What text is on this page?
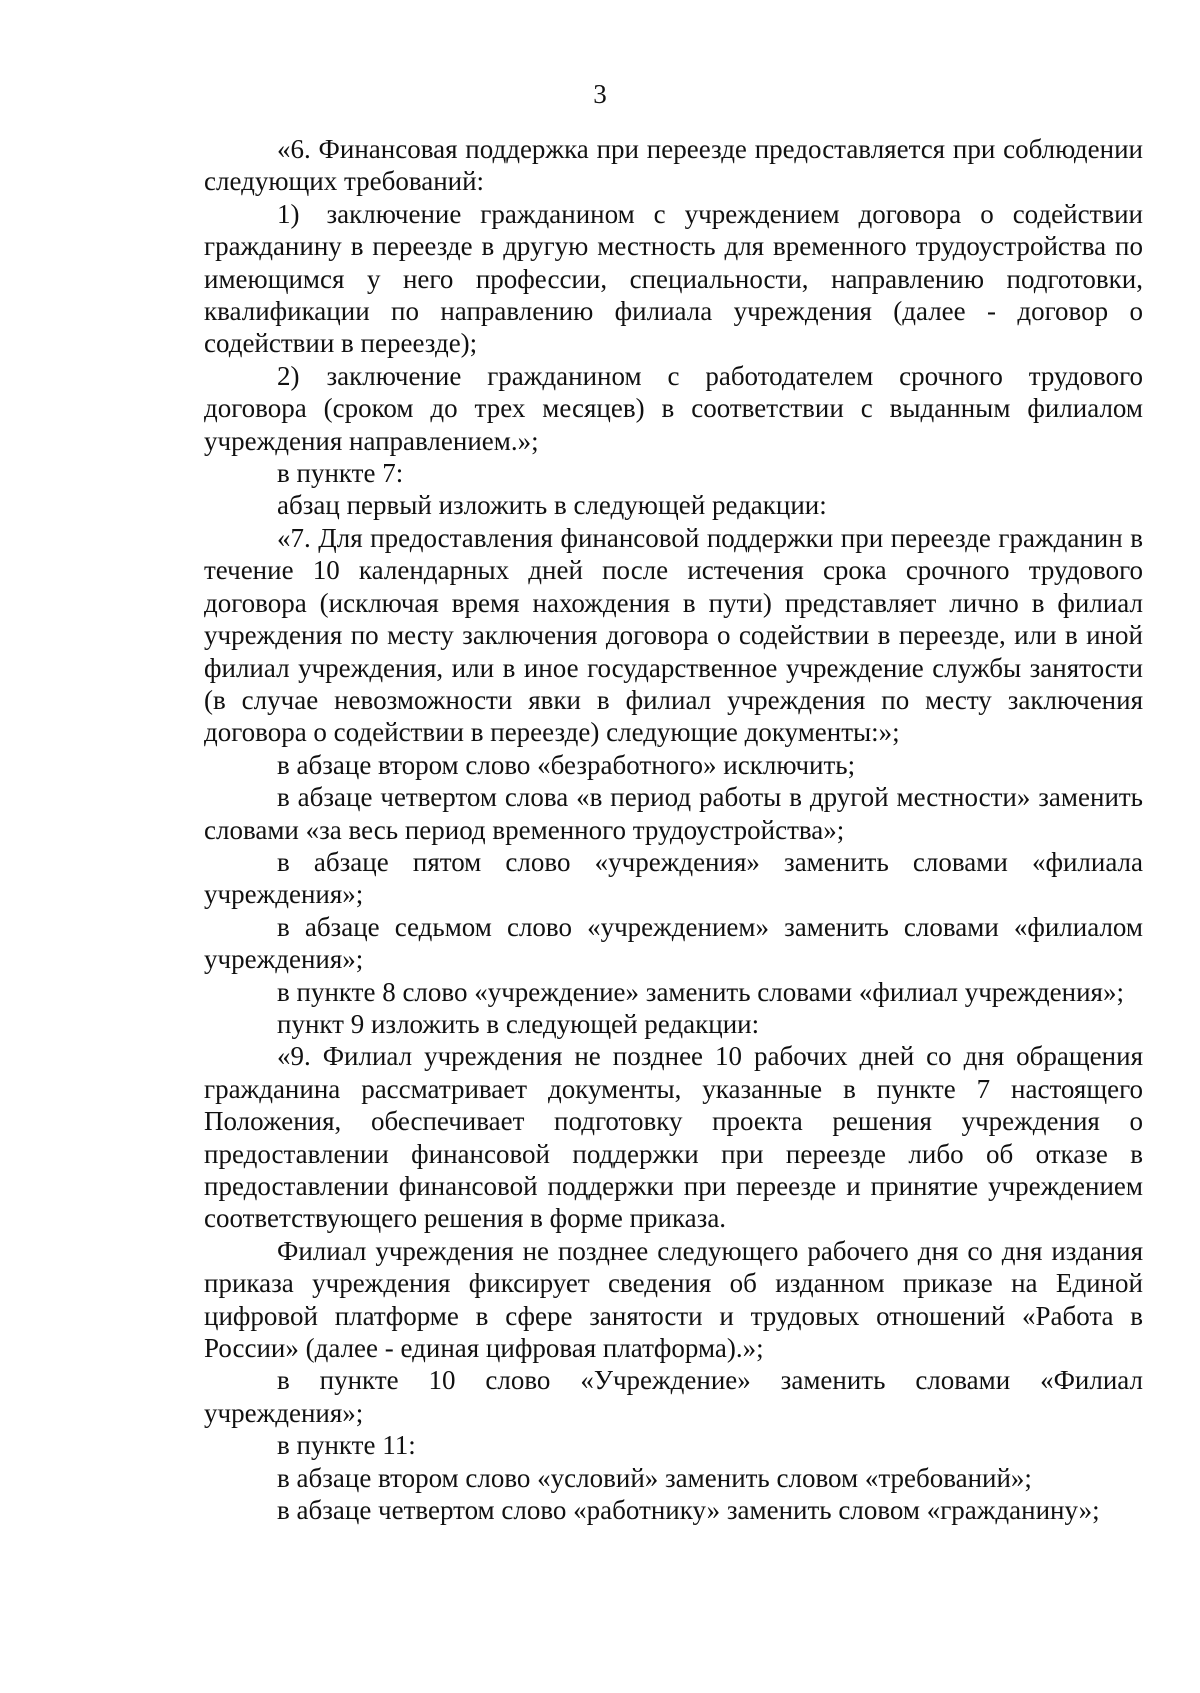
3

«6. Финансовая поддержка при переезде предоставляется при соблюдении следующих требований:

1) заключение гражданином с учреждением договора о содействии гражданину в переезде в другую местность для временного трудоустройства по имеющимся у него профессии, специальности, направлению подготовки, квалификации по направлению филиала учреждения (далее - договор о содействии в переезде);

2) заключение гражданином с работодателем срочного трудового договора (сроком до трех месяцев) в соответствии с выданным филиалом учреждения направлением.»;

в пункте 7:

абзац первый изложить в следующей редакции:

«7. Для предоставления финансовой поддержки при переезде гражданин в течение 10 календарных дней после истечения срока срочного трудового договора (исключая время нахождения в пути) представляет лично в филиал учреждения по месту заключения договора о содействии в переезде, или в иной филиал учреждения, или в иное государственное учреждение службы занятости (в случае невозможности явки в филиал учреждения по месту заключения договора о содействии в переезде) следующие документы:»;

в абзаце втором слово «безработного» исключить;

в абзаце четвертом слова «в период работы в другой местности» заменить словами «за весь период временного трудоустройства»;

в абзаце пятом слово «учреждения» заменить словами «филиала учреждения»;

в абзаце седьмом слово «учреждением» заменить словами «филиалом учреждения»;

в пункте 8 слово «учреждение» заменить словами «филиал учреждения»;

пункт 9 изложить в следующей редакции:

«9. Филиал учреждения не позднее 10 рабочих дней со дня обращения гражданина рассматривает документы, указанные в пункте 7 настоящего Положения, обеспечивает подготовку проекта решения учреждения о предоставлении финансовой поддержки при переезде либо об отказе в предоставлении финансовой поддержки при переезде и принятие учреждением соответствующего решения в форме приказа.

Филиал учреждения не позднее следующего рабочего дня со дня издания приказа учреждения фиксирует сведения об изданном приказе на Единой цифровой платформе в сфере занятости и трудовых отношений «Работа в России» (далее - единая цифровая платформа).»;

в пункте 10 слово «Учреждение» заменить словами «Филиал учреждения»;

в пункте 11:

в абзаце втором слово «условий» заменить словом «требований»;

в абзаце четвертом слово «работнику» заменить словом «гражданину»;
